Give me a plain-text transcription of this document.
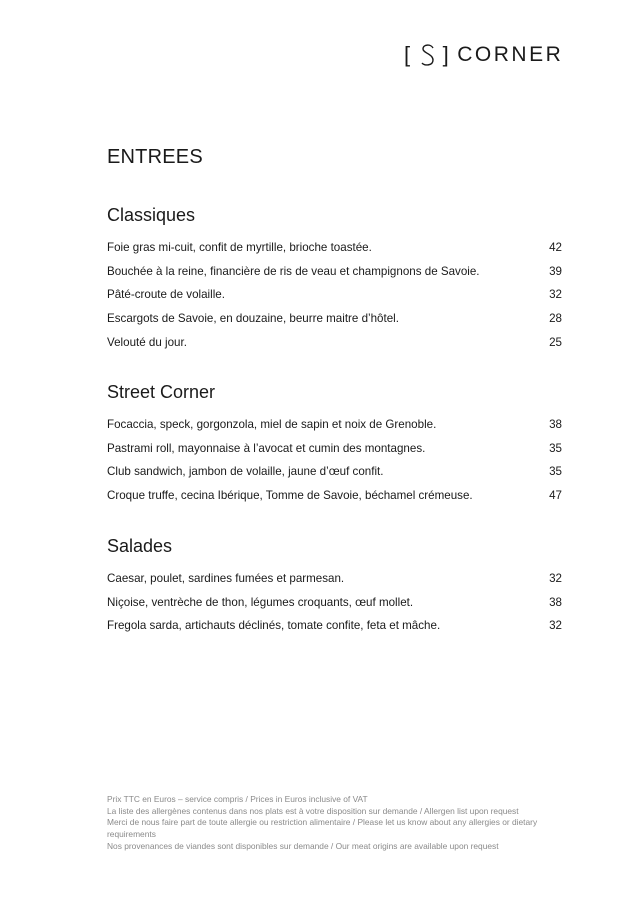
[ ] CORNER
ENTREES
Classiques
Foie gras mi-cuit, confit de myrtille, brioche toastée.	42
Bouchée à la reine, financière de ris de veau et champignons de Savoie.	39
Pâté-croute de volaille.	32
Escargots de Savoie, en douzaine, beurre maitre d’hôtel.	28
Velouté du jour.	25
Street Corner
Focaccia, speck, gorgonzola, miel de sapin et noix de Grenoble.	38
Pastrami roll, mayonnaise à l’avocat et cumin des montagnes.	35
Club sandwich, jambon de volaille, jaune d’œuf confit.	35
Croque truffe, cecina Ibérique, Tomme de Savoie, béchamel crémeuse.	47
Salades
Caesar, poulet, sardines fumées et parmesan.	32
Niçoise, ventrèche de thon, légumes croquants, œuf mollet.	38
Fregola sarda, artichauts déclinés, tomate confite, feta et mâche.	32
Prix TTC en Euros – service compris / Prices in Euros inclusive of VAT
La liste des allergènes contenus dans nos plats est à votre disposition sur demande / Allergen list upon request
Merci de nous faire part de toute allergie ou restriction alimentaire / Please let us know about any allergies or dietary requirements
Nos provenances de viandes sont disponibles sur demande / Our meat origins are available upon request
